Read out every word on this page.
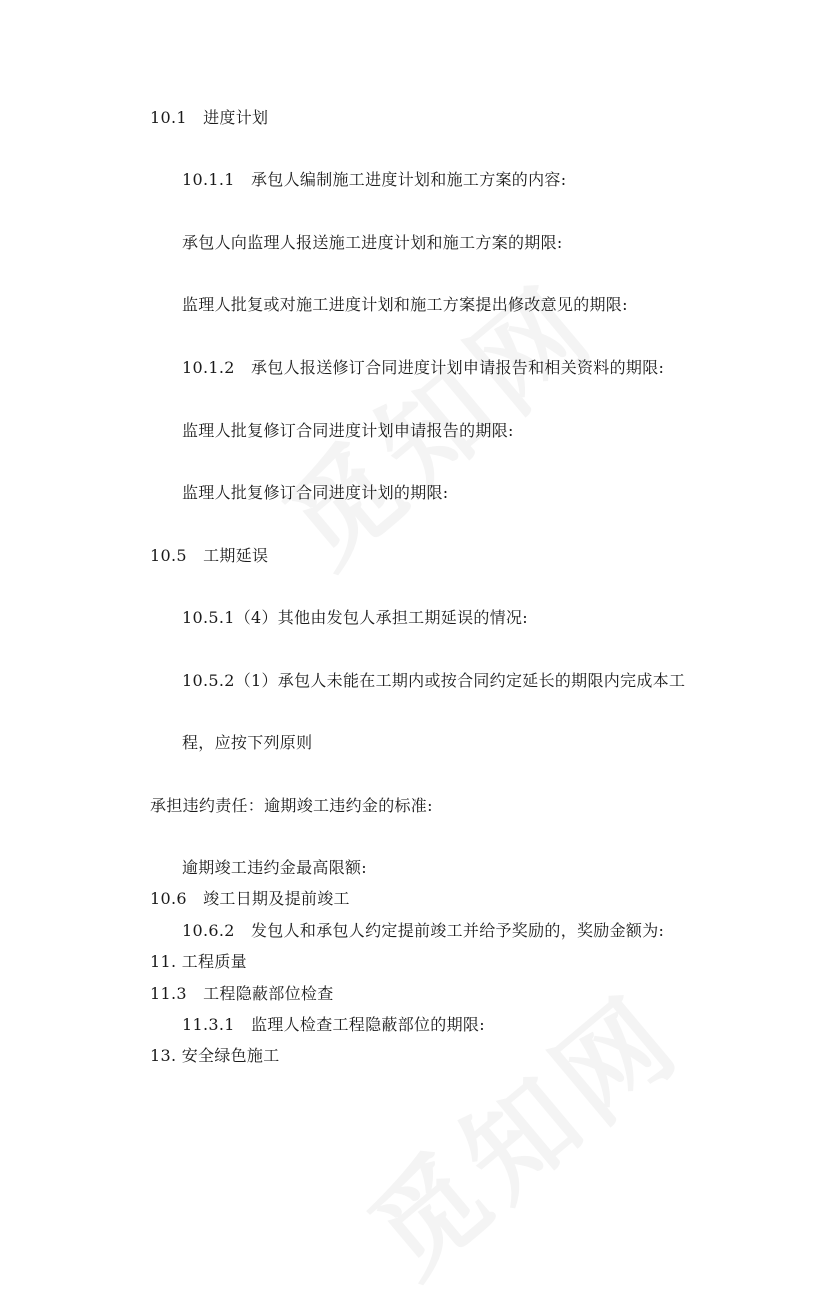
10.1　进度计划
10.1.1　承包人编制施工进度计划和施工方案的内容:
承包人向监理人报送施工进度计划和施工方案的期限:
监理人批复或对施工进度计划和施工方案提出修改意见的期限:
10.1.2　承包人报送修订合同进度计划申请报告和相关资料的期限:
监理人批复修订合同进度计划申请报告的期限:
监理人批复修订合同进度计划的期限:
10.5　工期延误
10.5.1（4）其他由发包人承担工期延误的情况:
10.5.2（1）承包人未能在工期内或按合同约定延长的期限内完成本工
程，应按下列原则
承担违约责任：逾期竣工违约金的标准:
逾期竣工违约金最高限额:
10.6　竣工日期及提前竣工
10.6.2　发包人和承包人约定提前竣工并给予奖励的，奖励金额为:
11. 工程质量
11.3　工程隐蔽部位检查
11.3.1　监理人检查工程隐蔽部位的期限:
13. 安全绿色施工
